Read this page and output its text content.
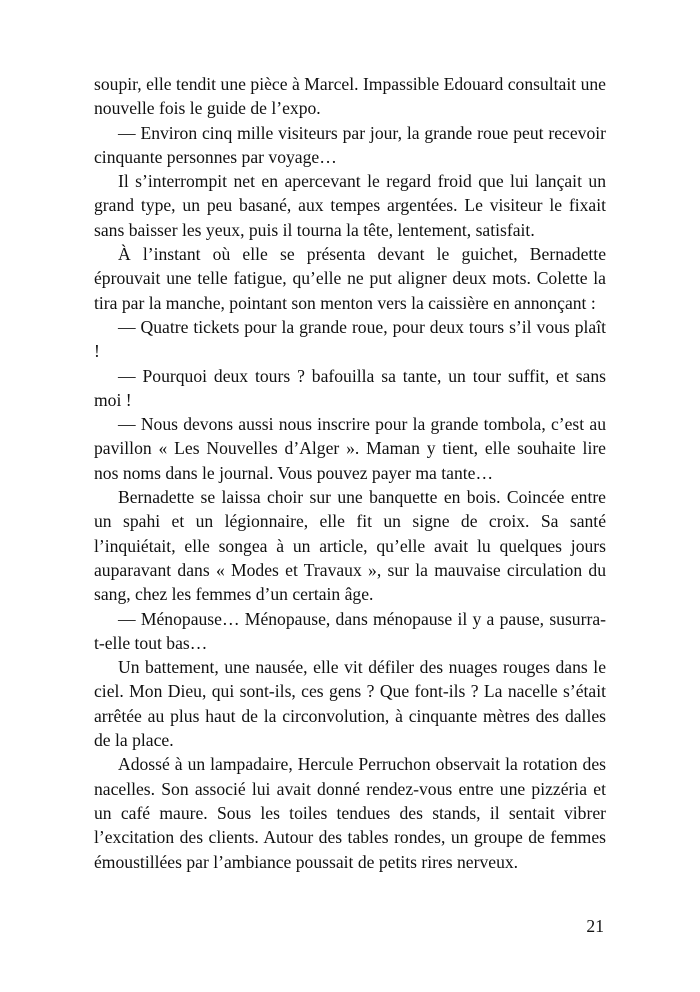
soupir, elle tendit une pièce à Marcel. Impassible Edouard consultait une nouvelle fois le guide de l’expo.

— Environ cinq mille visiteurs par jour, la grande roue peut recevoir cinquante personnes par voyage…

Il s’interrompit net en apercevant le regard froid que lui lançait un grand type, un peu basané, aux tempes argentées. Le visiteur le fixait sans baisser les yeux, puis il tourna la tête, lentement, satisfait.

À l’instant où elle se présenta devant le guichet, Bernadette éprouvait une telle fatigue, qu’elle ne put aligner deux mots. Colette la tira par la manche, pointant son menton vers la caissière en annonçant :

— Quatre tickets pour la grande roue, pour deux tours s’il vous plaît !

— Pourquoi deux tours ? bafouilla sa tante, un tour suffit, et sans moi !

— Nous devons aussi nous inscrire pour la grande tombola, c’est au pavillon « Les Nouvelles d’Alger ». Maman y tient, elle souhaite lire nos noms dans le journal. Vous pouvez payer ma tante…

Bernadette se laissa choir sur une banquette en bois. Coincée entre un spahi et un légionnaire, elle fit un signe de croix. Sa santé l’inquiétait, elle songea à un article, qu’elle avait lu quelques jours auparavant dans « Modes et Travaux », sur la mauvaise circulation du sang, chez les femmes d’un certain âge.

— Ménopause… Ménopause, dans ménopause il y a pause, susurra-t-elle tout bas…

Un battement, une nausée, elle vit défiler des nuages rouges dans le ciel. Mon Dieu, qui sont-ils, ces gens ? Que font-ils ? La nacelle s’était arrêtée au plus haut de la circonvolution, à cinquante mètres des dalles de la place.

Adossé à un lampadaire, Hercule Perruchon observait la rotation des nacelles. Son associé lui avait donné rendez-vous entre une pizzéria et un café maure. Sous les toiles tendues des stands, il sentait vibrer l’excitation des clients. Autour des tables rondes, un groupe de femmes émoustillées par l’ambiance poussait de petits rires nerveux.

21
